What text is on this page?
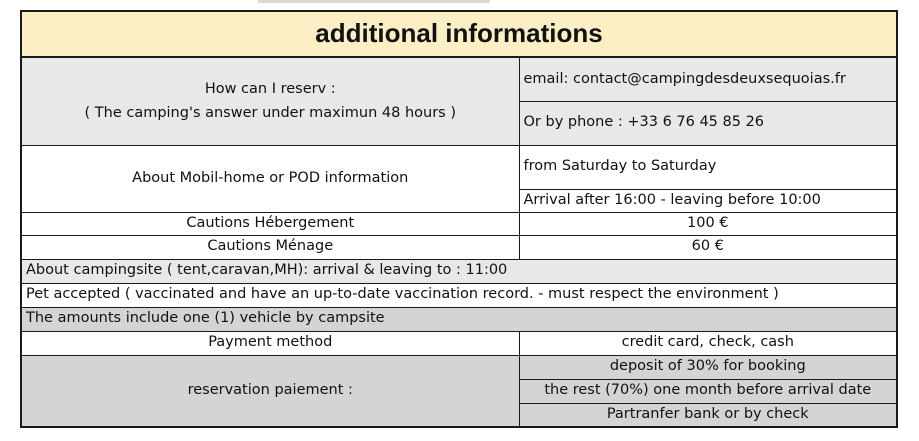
additional informations	

How can I reserv :
( The camping's answer under maximun 48 hours )	email: contact@campingdesdeuxsequoias.fr
	Or by phone : +33 6 76 45 85 26
About Mobil-home or POD information	from Saturday to Saturday
	Arrival after 16:00 - leaving before 10:00
Cautions Hébergement	100 €
Cautions Ménage	60 €
About campingsite ( tent,caravan,MH): arrival & leaving to : 11:00	
Pet accepted ( vaccinated and have an up-to-date vaccination record. - must respect the environment )	
The amounts include one (1) vehicle by campsite	
Payment method	credit card, check, cash
reservation paiement :	deposit of 30% for booking
	the rest (70%) one month before arrival date
	Partranfer bank or by check
